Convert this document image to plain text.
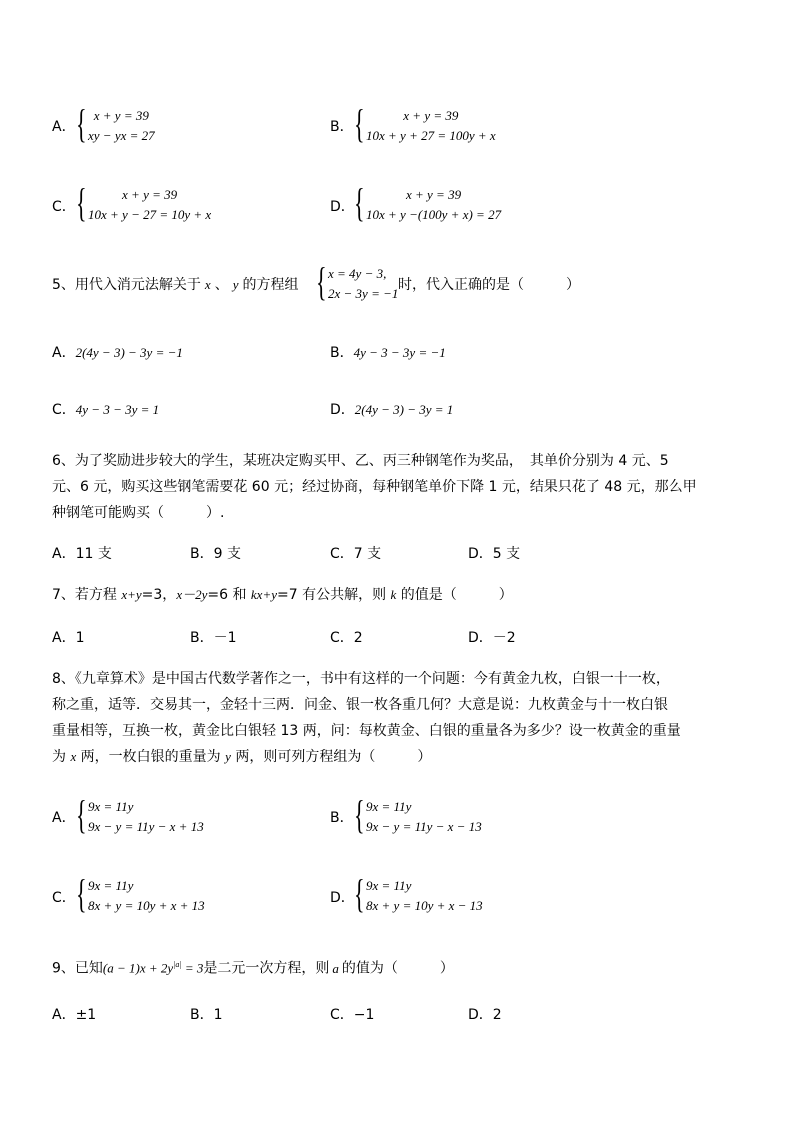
A． { x + y = 39
xy − yx = 27
B． {	x + y = 39
10x + y + 27 = 100y + x
C． {	x + y = 39
10x + y − 27 = 10y + x	D． {	x + y = 39
10x + y −(100y + x) = 27
5、用代入消元法解关于 x 、 y 的方程组 { x = 4y − 3,
2x − 3y = −1
时，代入正确的是（　　　）
A．2(4y − 3) − 3y = −1	B．4y − 3 − 3y = −1
C．4y − 3 − 3y = 1	D．2(4y − 3) − 3y = 1
6、为了奖励进步较大的学生，某班决定购买甲、乙、丙三种钢笔作为奖品，　其单价分别为 4 元、5
元、6 元，购买这些钢笔需要花 60 元；经过协商，每种钢笔单价下降 1 元，结果只花了 48 元，那么甲
种钢笔可能购买（　　　）.
A．11 支	B．9 支	C．7 支	D．5 支
7、若方程 x+y=3，x－2y=6 和 kx+y=7 有公共解，则 k 的值是（　　　）
A．1	B．－1	C．2	D．－2
8、《九章算术》是中国古代数学著作之一，书中有这样的一个问题：今有黄金九枚，白银一十一枚，
称之重，适等．交易其一，金轻十三两．问金、银一枚各重几何？大意是说：九枚黄金与十一枚白银
重量相等，互换一枚，黄金比白银轻 13 两，问：每枚黄金、白银的重量各为多少？设一枚黄金的重量
为 x 两，一枚白银的重量为 y 两，则可列方程组为（　　　）
A． { 9x = 11y
9x − y = 11y − x + 13
B． { 9x = 11y
9x − y = 11y − x − 13
C． { 9x = 11y
8x + y = 10y + x + 13	D． { 9x = 11y
8x + y = 10y + x − 13
9、已知$(a - 1)x + 2y^{|a|} = 3$是二元一次方程，则 a 的值为（　　　）
A．±1	B．1	C．−1	D．2
